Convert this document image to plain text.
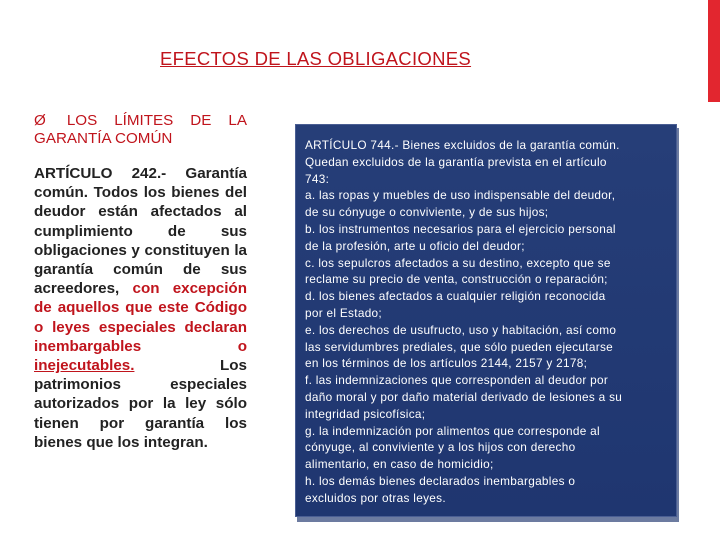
EFECTOS DE LAS OBLIGACIONES
Ø LOS LÍMITES DE LA GARANTÍA COMÚN

ARTÍCULO 242.- Garantía común. Todos los bienes del deudor están afectados al cumplimiento de sus obligaciones y constituyen la garantía común de sus acreedores, con excepción de aquellos que este Código o leyes especiales declaran inembargables o inejecutables. Los patrimonios especiales autorizados por la ley sólo tienen por garantía los bienes que los integran.

ARTÍCULO 744.- Bienes excluidos de la garantía común.
Quedan excluidos de la garantía prevista en el artículo
743:
a. las ropas y muebles de uso indispensable del deudor,
de su cónyuge o conviviente, y de sus hijos;
b. los instrumentos necesarios para el ejercicio personal
de la profesión, arte u oficio del deudor;
c. los sepulcros afectados a su destino, excepto que se
reclame su precio de venta, construcción o reparación;
d. los bienes afectados a cualquier religión reconocida
por el Estado;
e. los derechos de usufructo, uso y habitación, así como
las servidumbres prediales, que sólo pueden ejecutarse
en los términos de los artículos 2144, 2157 y 2178;
f. las indemnizaciones que corresponden al deudor por
daño moral y por daño material derivado de lesiones a su
integridad psicofísica;
g. la indemnización por alimentos que corresponde al
cónyuge, al conviviente y a los hijos con derecho
alimentario, en caso de homicidio;
h. los demás bienes declarados inembargables o
excluidos por otras leyes.
